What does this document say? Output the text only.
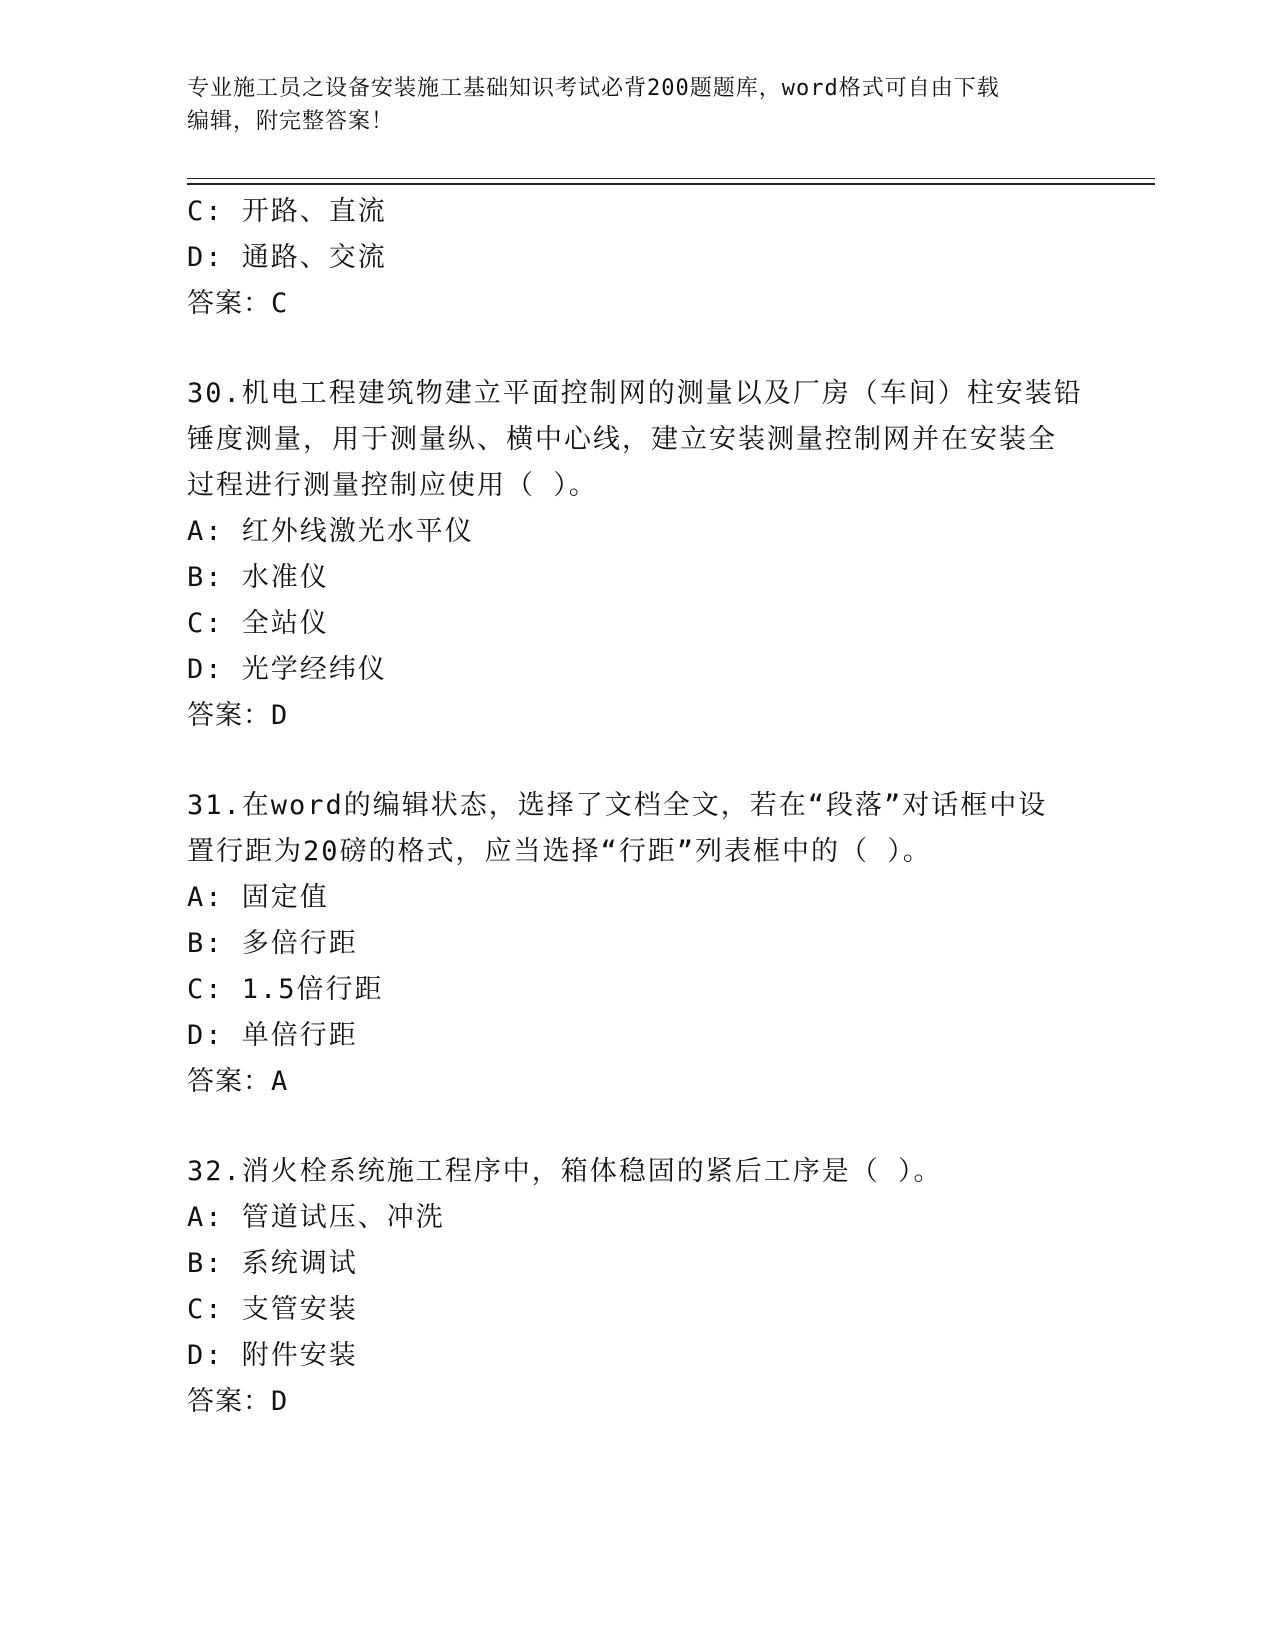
专业施工员之设备安装施工基础知识考试必背200题题库，word格式可自由下载
编辑，附完整答案！
C: 开路、直流
D: 通路、交流
答案：C
30.机电工程建筑物建立平面控制网的测量以及厂房（车间）柱安装铅
锤度测量，用于测量纵、横中心线，建立安装测量控制网并在安装全
过程进行测量控制应使用（ ）。
A: 红外线激光水平仪
B: 水准仪
C: 全站仪
D: 光学经纬仪
答案：D
31.在word的编辑状态，选择了文档全文，若在“段落”对话框中设
置行距为20磅的格式，应当选择“行距”列表框中的（ ）。
A: 固定值
B: 多倍行距
C: 1.5倍行距
D: 单倍行距
答案：A
32.消火栓系统施工程序中，箱体稳固的紧后工序是（ ）。
A: 管道试压、冲洗
B: 系统调试
C: 支管安装
D: 附件安装
答案：D
